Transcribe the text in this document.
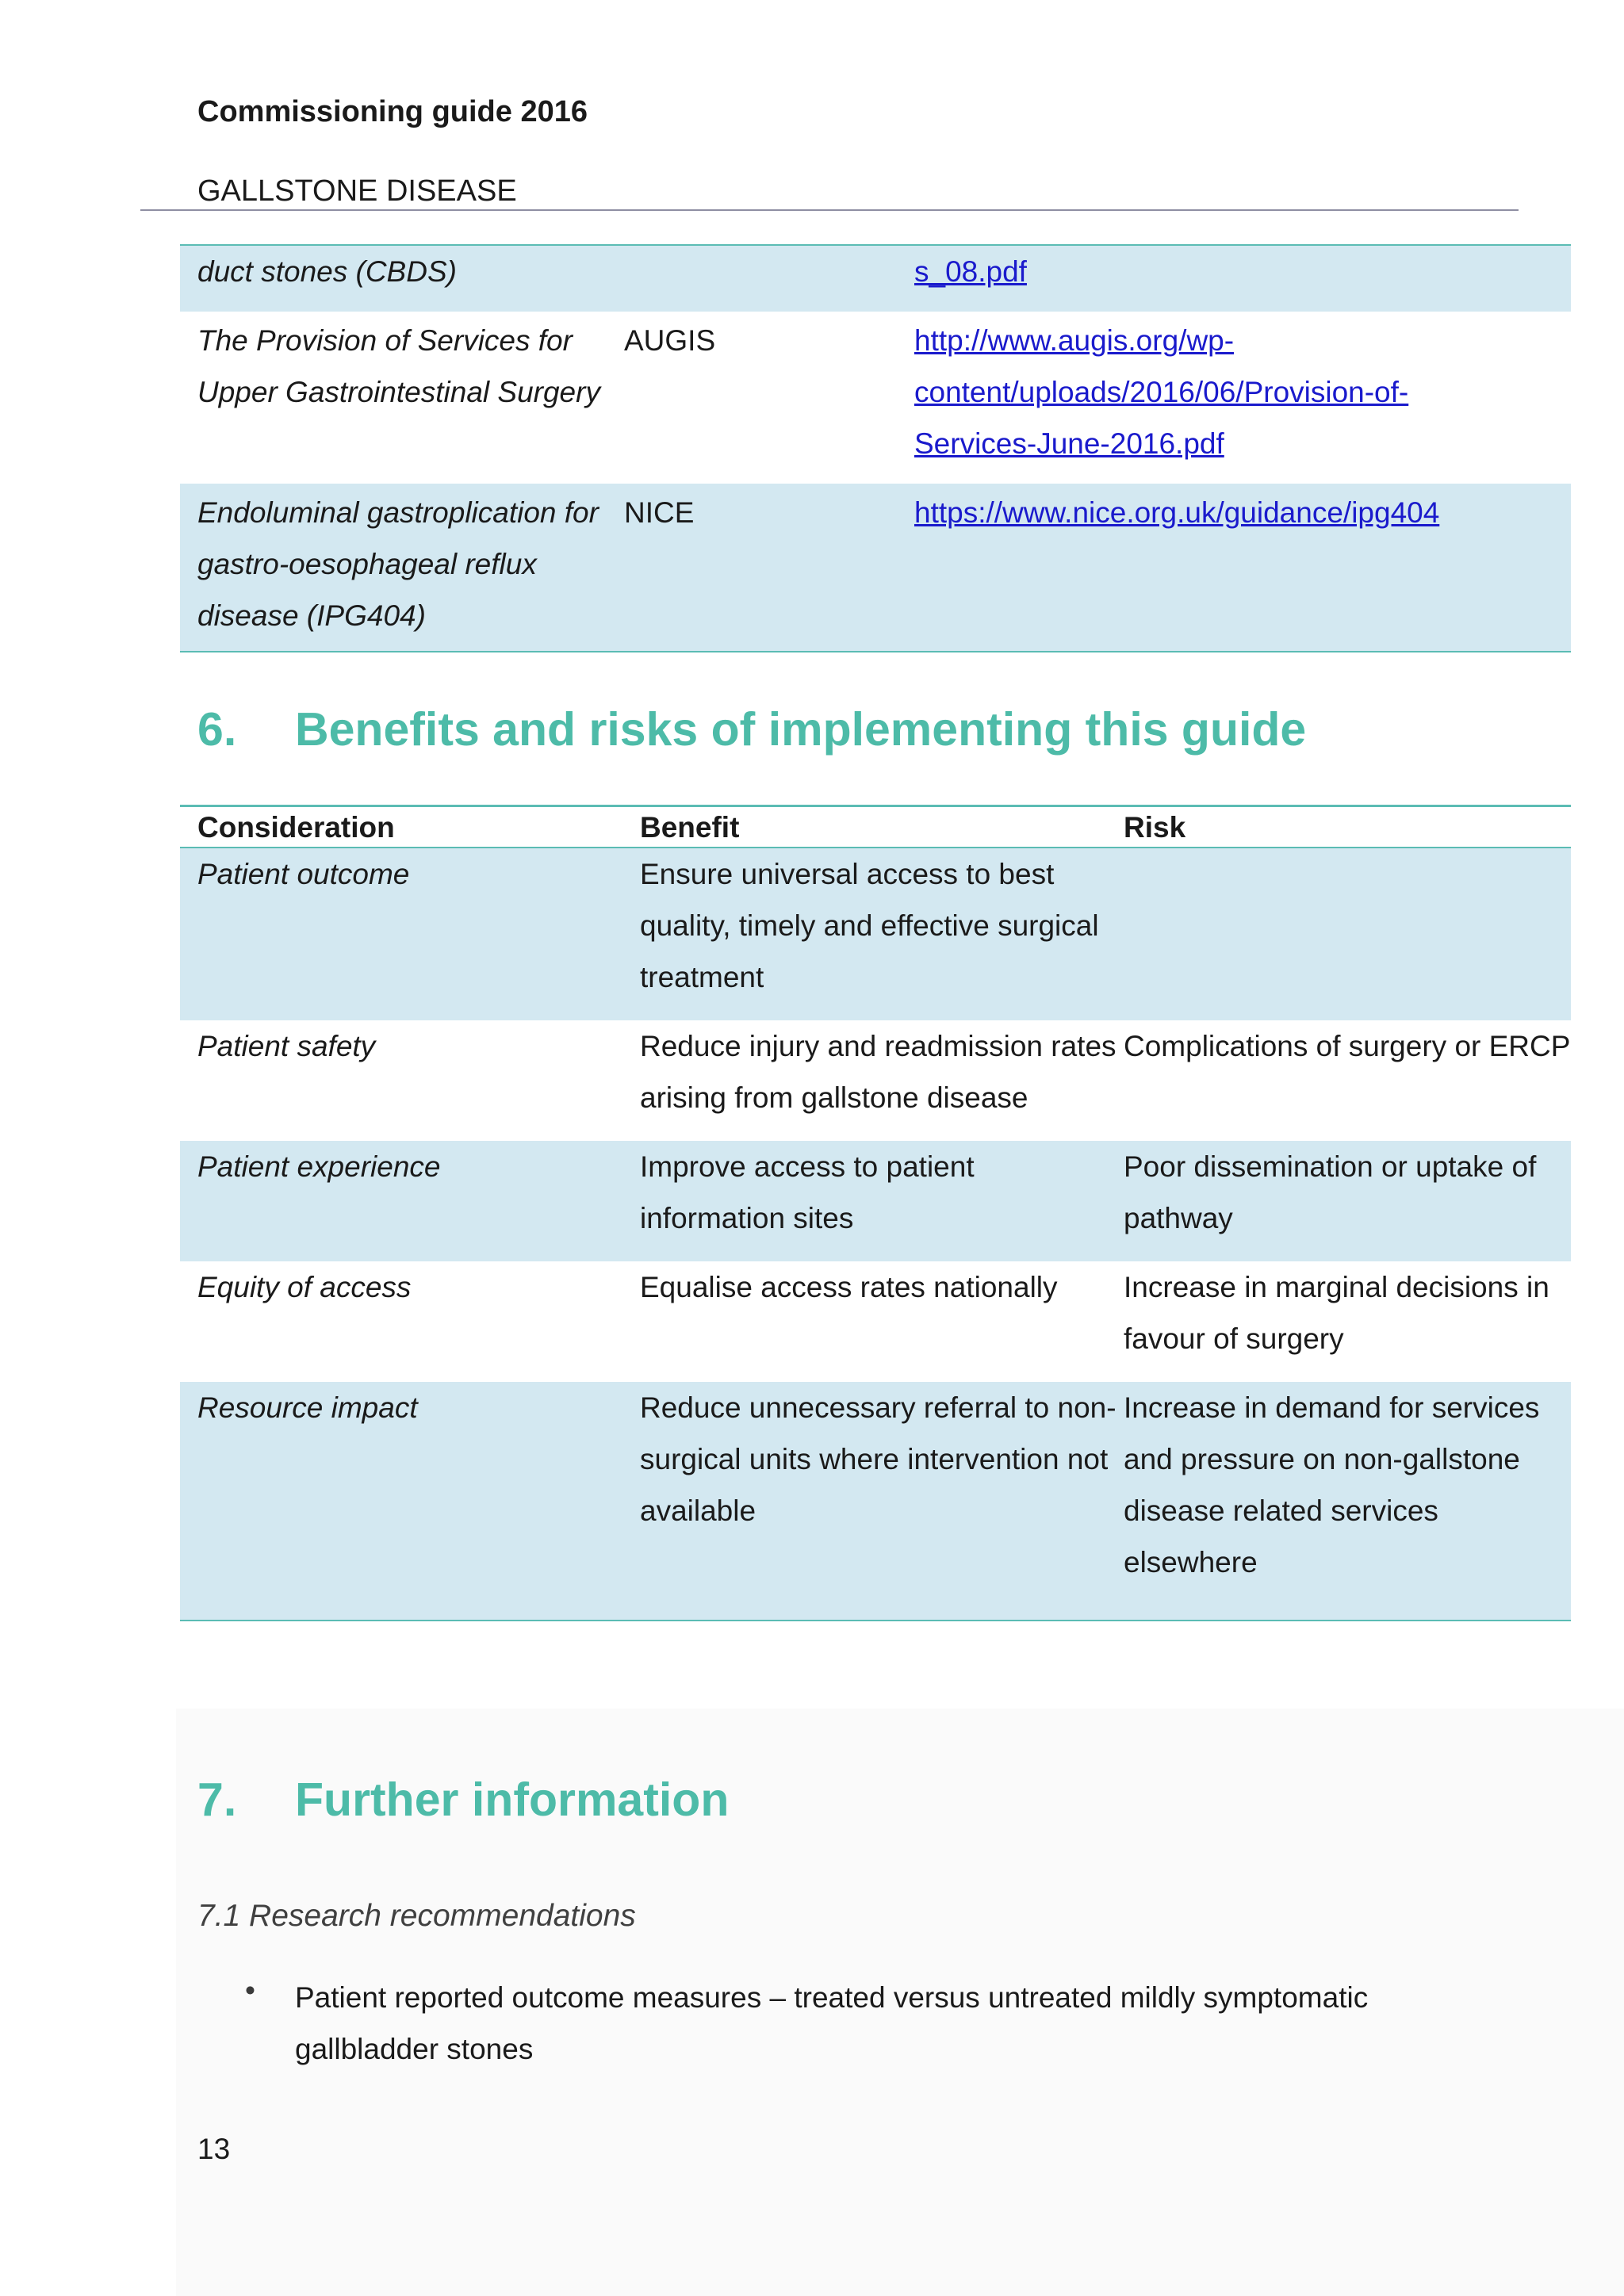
Commissioning guide 2016
GALLSTONE DISEASE
duct stones (CBDS)		s_08.pdf
The Provision of Services for Upper Gastrointestinal Surgery	AUGIS	http://www.augis.org/wp-
content/uploads/2016/06/Provision-of-
Services-June-2016.pdf
Endoluminal gastroplication for gastro-oesophageal reflux disease (IPG404)	NICE	https://www.nice.org.uk/guidance/ipg404
6. Benefits and risks of implementing this guide
Consideration	Benefit	Risk
Patient outcome	Ensure universal access to best quality, timely and effective surgical treatment	
Patient safety	Reduce injury and readmission rates arising from gallstone disease	Complications of surgery or ERCP
Patient experience	Improve access to patient information sites	Poor dissemination or uptake of pathway
Equity of access	Equalise access rates nationally	Increase in marginal decisions in favour of surgery
Resource impact	Reduce unnecessary referral to non-surgical units where intervention not available	Increase in demand for services and pressure on non-gallstone disease related services elsewhere
7. Further information
7.1 Research recommendations
• Patient reported outcome measures – treated versus untreated mildly symptomatic gallbladder stones
13
